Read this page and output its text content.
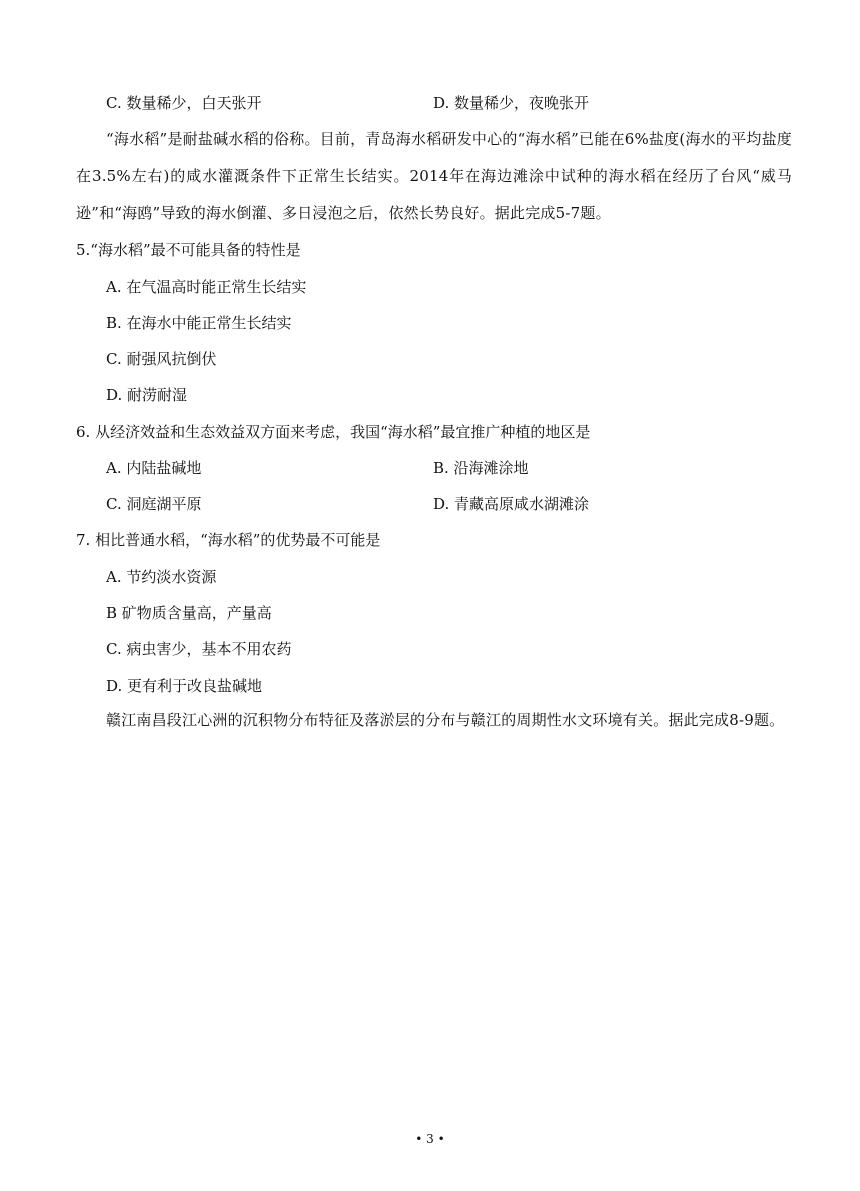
C. 数量稀少，白天张开	D. 数量稀少，夜晚张开
“海水稻”是耐盐碱水稻的俗称。目前，青岛海水稻研发中心的“海水稻”已能在6%盐度(海水的平均盐度在3.5%左右)的咸水灌溉条件下正常生长结实。2014年在海边滩涂中试种的海水稻在经历了台风“威马逊”和“海鸥”导致的海水倒灌、多日浸泡之后，依然长势良好。据此完成5-7题。
5.“海水稻”最不可能具备的特性是
A. 在气温高时能正常生长结实
B. 在海水中能正常生长结实
C. 耐强风抗倒伏
D. 耐涝耐湿
6. 从经济效益和生态效益双方面来考虑，我国“海水稻”最宜推广种植的地区是
A. 内陆盐碱地	B. 沿海滩涂地
C. 洞庭湖平原	D. 青藏高原咸水湖滩涂
7. 相比普通水稻，“海水稻”的优势最不可能是
A. 节约淡水资源
B 矿物质含量高，产量高
C. 病虫害少，基本不用农药
D. 更有利于改良盐碱地
赣江南昌段江心洲的沉积物分布特征及落淤层的分布与赣江的周期性水文环境有关。据此完成8-9题。
• 3 •
